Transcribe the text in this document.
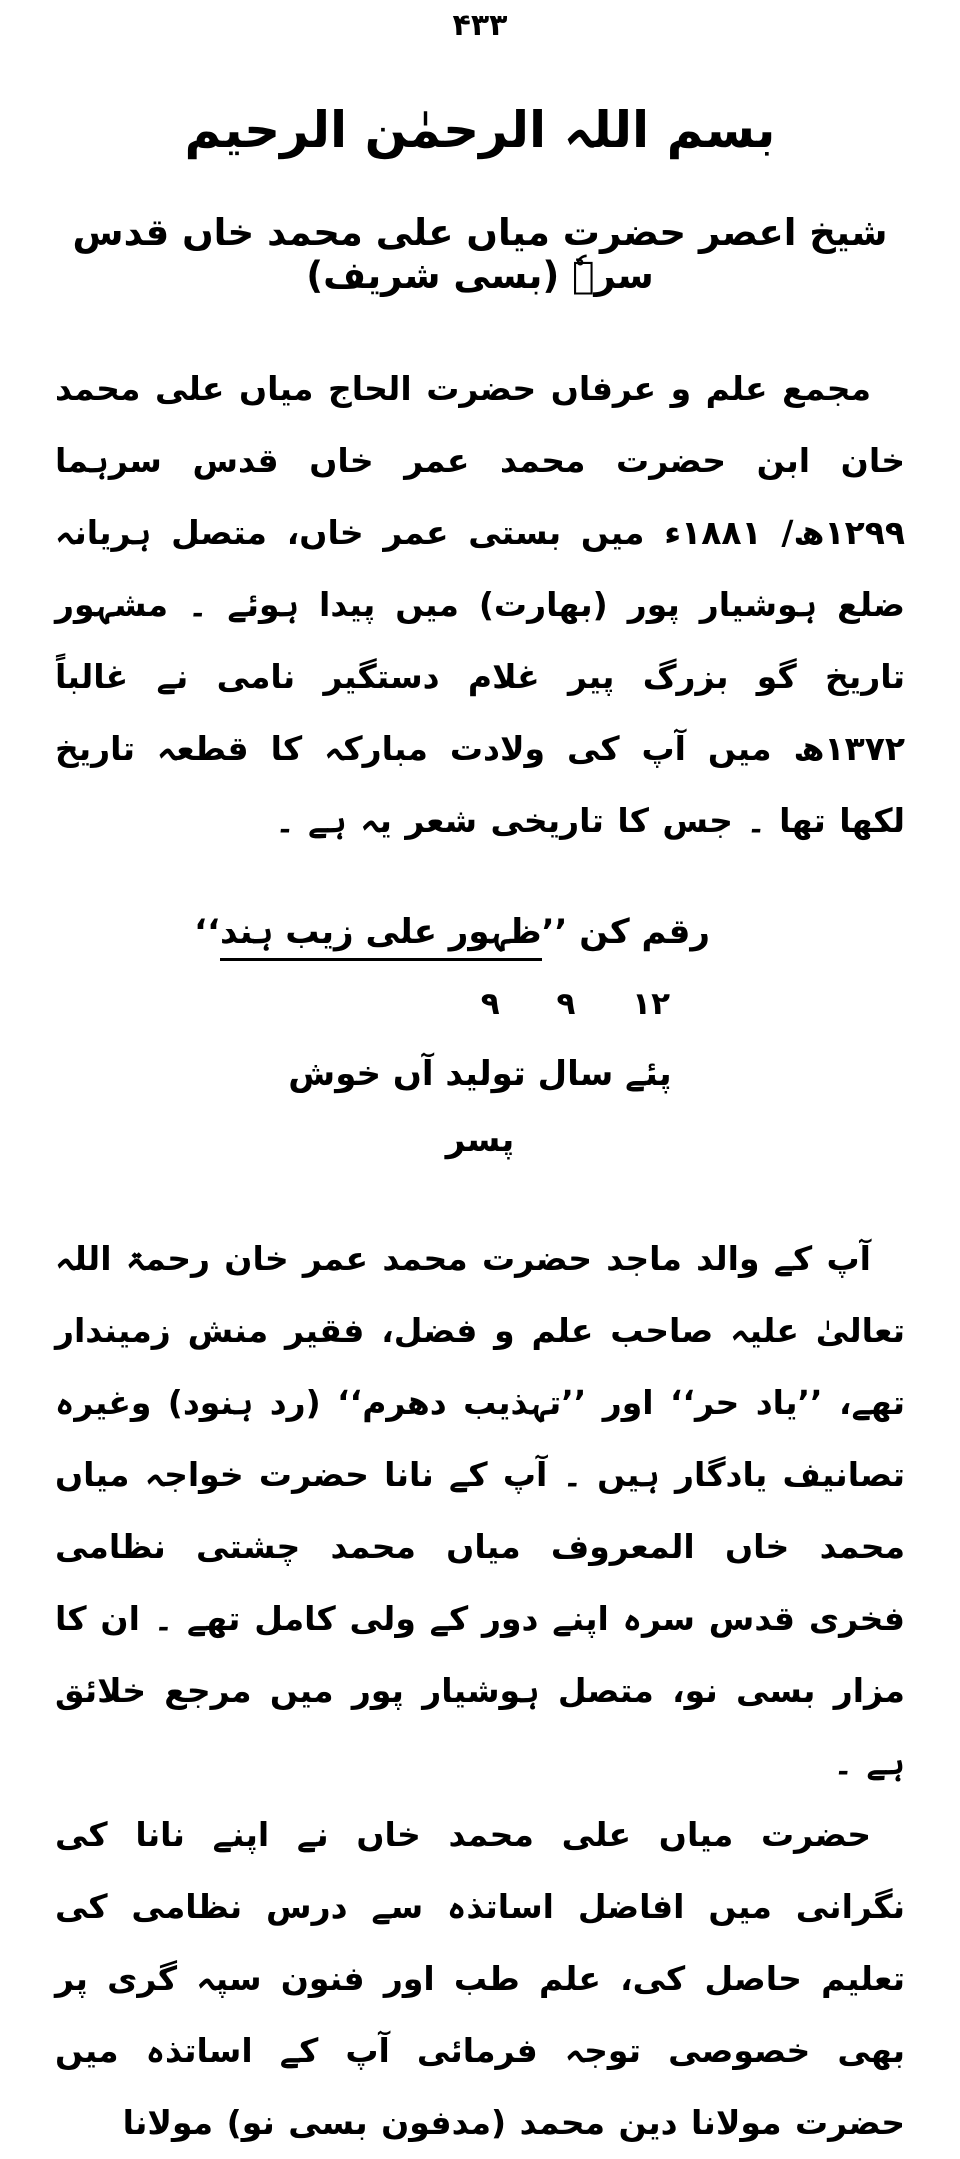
۴۳۳
بسم اللہ الرحمٰن الرحیم
شیخ اعصر حضرت میاں علی محمد خاں قدس سرہٗ (بسی شریف)

مجمع علم و عرفاں حضرت الحاج میاں علی محمد خان ابن حضرت محمد عمر خاں قدس سرہما ۱۲۹۹ھ/ ۱۸۸۱ء میں بستی عمر خاں، متصل ہریانہ ضلع ہوشیار پور (بھارت) میں پیدا ہوئے ۔ مشہور تاریخ گو بزرگ پیر غلام دستگیر نامی نے غالباً ۱۳۷۲ھ میں آپ کی ولادت مبارکہ کا قطعہ تاریخ لکھا تھا ۔ جس کا تاریخی شعر یہ ہے ۔

رقم کن ’’ظہور علی زیب ہند‘‘
۱۲ ۹ ۹
پئے سال تولید آں خوش پسر

آپ کے والد ماجد حضرت محمد عمر خان رحمۃ اللہ تعالیٰ علیہ صاحب علم و فضل، فقیر منش زمیندار تھے، ’’یاد حر‘‘ اور ’’تہذیب دھرم‘‘ (رد ہنود) وغیرہ تصانیف یادگار ہیں ۔ آپ کے نانا حضرت خواجہ میاں محمد خاں المعروف میاں محمد چشتی نظامی فخری قدس سرہ اپنے دور کے ولی کامل تھے ۔ ان کا مزار بسی نو، متصل ہوشیار پور میں مرجع خلائق ہے ۔

حضرت میاں علی محمد خاں نے اپنے نانا کی نگرانی میں افاضل اساتذہ سے درس نظامی کی تعلیم حاصل کی، علم طب اور فنون سپہ گری پر بھی خصوصی توجہ فرمائی آپ کے اساتذہ میں حضرت مولانا دین محمد (مدفون بسی نو) مولانا
